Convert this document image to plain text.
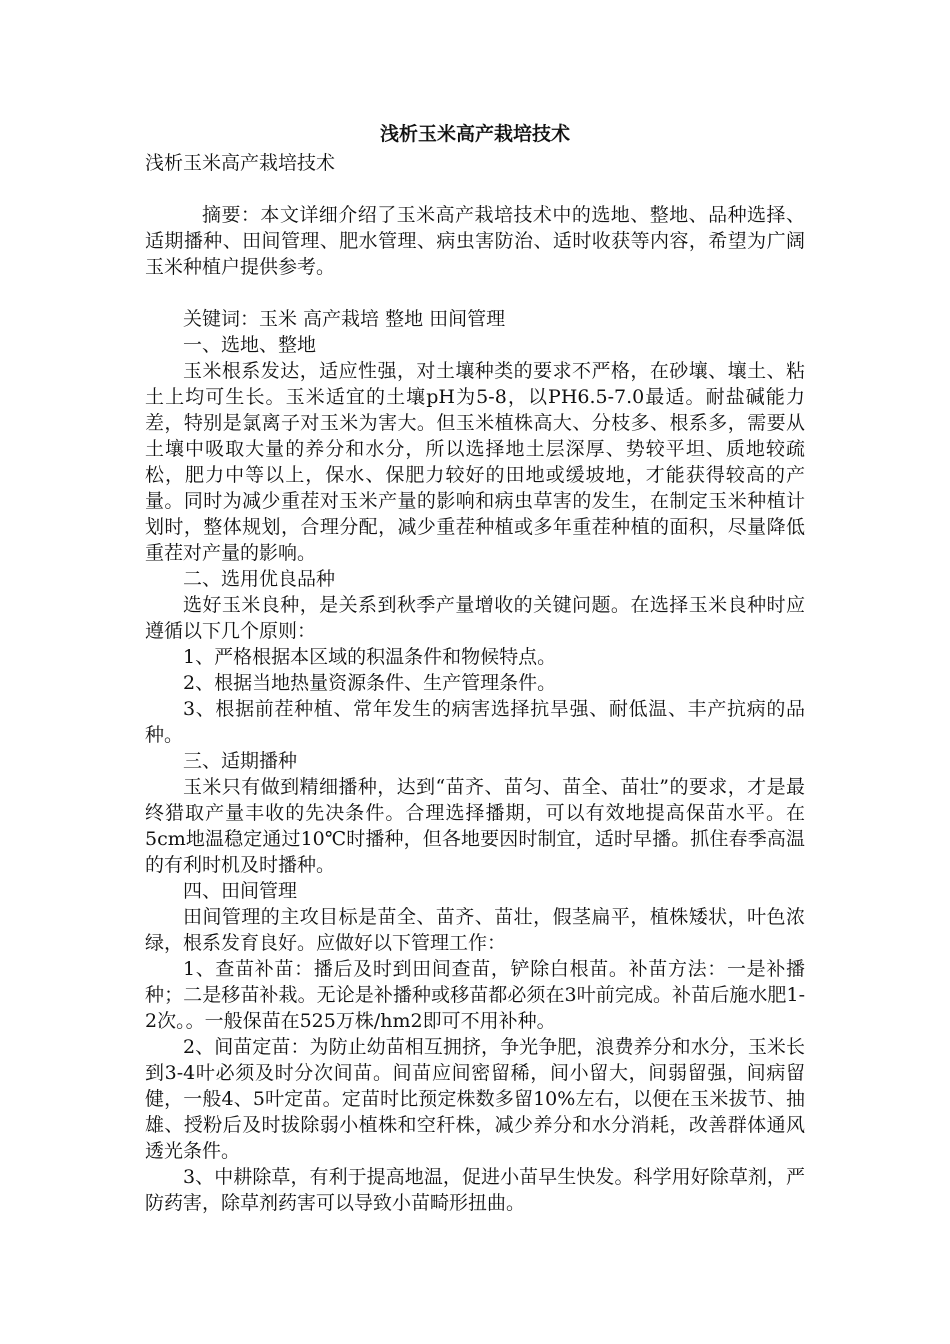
浅析玉米高产栽培技术

浅析玉米高产栽培技术

摘要：本文详细介绍了玉米高产栽培技术中的选地、整地、品种选择、适期播种、田间管理、肥水管理、病虫害防治、适时收获等内容，希望为广阔玉米种植户提供参考。

关键词：玉米 高产栽培 整地 田间管理

一、选地、整地

玉米根系发达，适应性强，对土壤种类的要求不严格，在砂壤、壤土、粘土上均可生长。玉米适宜的土壤pH为5-8，以PH6.5-7.0最适。耐盐碱能力差，特别是氯离子对玉米为害大。但玉米植株高大、分枝多、根系多，需要从土壤中吸取大量的养分和水分，所以选择地土层深厚、势较平坦、质地较疏松，肥力中等以上，保水、保肥力较好的田地或缓坡地，才能获得较高的产量。同时为减少重茬对玉米产量的影响和病虫草害的发生，在制定玉米种植计划时，整体规划，合理分配，减少重茬种植或多年重茬种植的面积，尽量降低重茬对产量的影响。

二、选用优良品种

选好玉米良种，是关系到秋季产量增收的关键问题。在选择玉米良种时应遵循以下几个原则：

1、严格根据本区域的积温条件和物候特点。

2、根据当地热量资源条件、生产管理条件。

3、根据前茬种植、常年发生的病害选择抗旱强、耐低温、丰产抗病的品种。

三、适期播种

玉米只有做到精细播种，达到“苗齐、苗匀、苗全、苗壮”的要求，才是最终猎取产量丰收的先决条件。合理选择播期，可以有效地提高保苗水平。在5cm地温稳定通过10℃时播种，但各地要因时制宜，适时早播。抓住春季高温的有利时机及时播种。

四、田间管理

田间管理的主攻目标是苗全、苗齐、苗壮，假茎扁平，植株矮状，叶色浓绿，根系发育良好。应做好以下管理工作：

1、查苗补苗：播后及时到田间查苗，铲除白根苗。补苗方法：一是补播种；二是移苗补栽。无论是补播种或移苗都必须在3叶前完成。补苗后施水肥1-2次。。一般保苗在525万株/hm2即可不用补种。

2、间苗定苗：为防止幼苗相互拥挤，争光争肥，浪费养分和水分，玉米长到3-4叶必须及时分次间苗。间苗应间密留稀，间小留大，间弱留强，间病留健，一般4、5叶定苗。定苗时比预定株数多留10%左右，以便在玉米拔节、抽雄、授粉后及时拔除弱小植株和空秆株，减少养分和水分消耗，改善群体通风透光条件。

3、中耕除草，有利于提高地温，促进小苗早生快发。科学用好除草剂，严防药害，除草剂药害可以导致小苗畸形扭曲。
